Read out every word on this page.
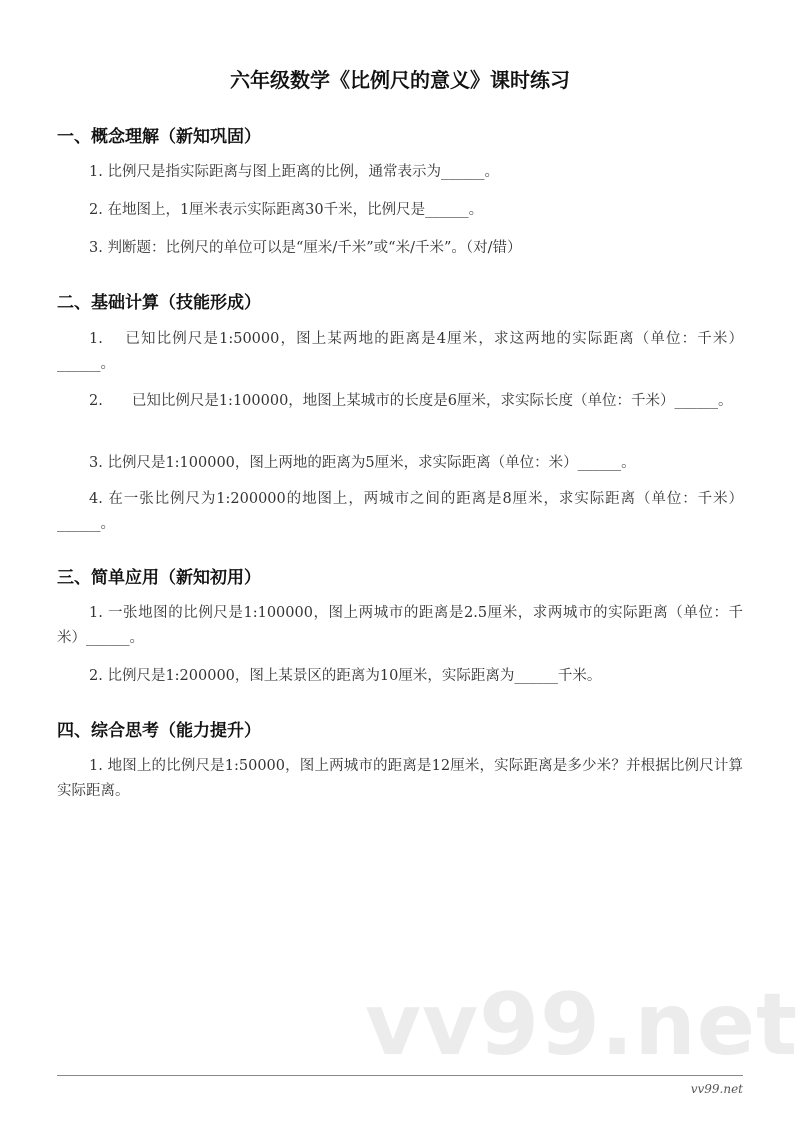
六年级数学《比例尺的意义》课时练习
一、概念理解（新知巩固）
1. 比例尺是指实际距离与图上距离的比例，通常表示为______。
2. 在地图上，1厘米表示实际距离30千米，比例尺是______。
3. 判断题：比例尺的单位可以是“厘米/千米”或“米/千米”。（对/错）
二、基础计算（技能形成）
1.　 已知比例尺是1:50000，图上某两地的距离是4厘米，求这两地的实际距离（单位：千米）______。
2.　　已知比例尺是1:100000，地图上某城市的长度是6厘米，求实际长度（单位：千米）______。
3. 比例尺是1:100000，图上两地的距离为5厘米，求实际距离（单位：米）______。
4. 在一张比例尺为1:200000的地图上，两城市之间的距离是8厘米，求实际距离（单位：千米）______。
三、简单应用（新知初用）
1. 一张地图的比例尺是1:100000，图上两城市的距离是2.5厘米，求两城市的实际距离（单位：千米）______。
2. 比例尺是1:200000，图上某景区的距离为10厘米，实际距离为______千米。
四、综合思考（能力提升）
1. 地图上的比例尺是1:50000，图上两城市的距离是12厘米，实际距离是多少米？并根据比例尺计算实际距离。
vv99.net
vv99.net
